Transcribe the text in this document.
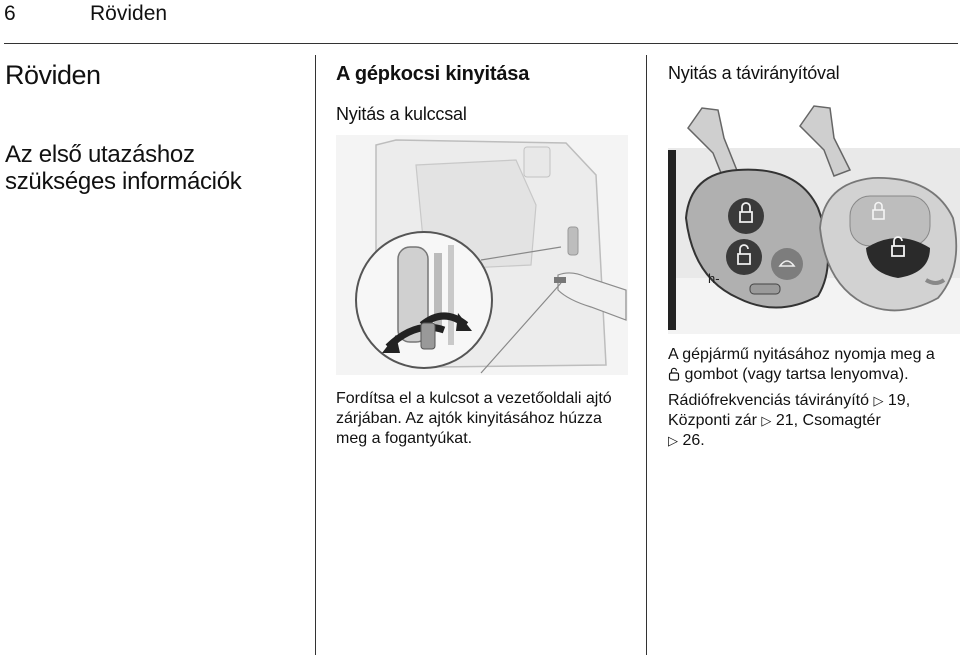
6	Röviden
Röviden
Az első utazáshoz szükséges információk
A gépkocsi kinyitása
Nyitás a kulccsal
Fordítsa el a kulcsot a vezetőoldali ajtó zárjában. Az ajtók kinyitásához húzza meg a fogantyúkat.
Nyitás a távirányítóval
h-

A gépjármű nyitásához nyomja meg a
gombot (vagy tartsa lenyomva).

Rádiófrekvenciás távirányító ▷ 19,
Központi zár ▷ 21, Csomagtér
▷ 26.
